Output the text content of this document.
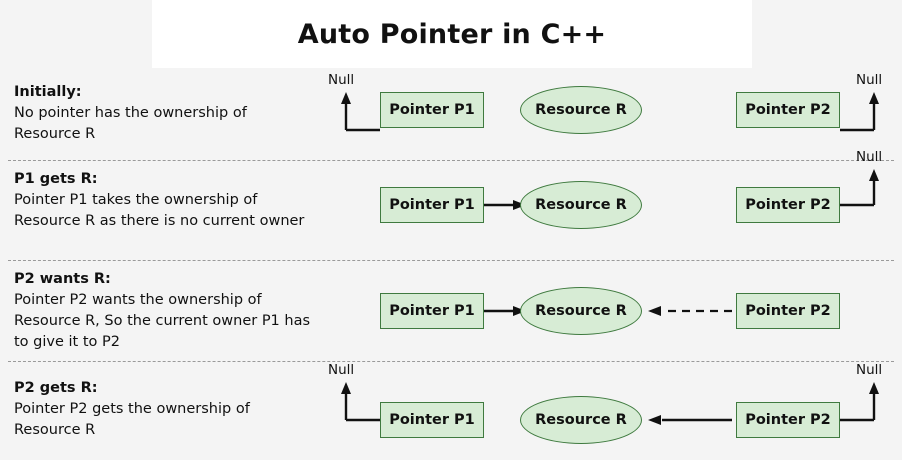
Auto Pointer in C++
Initially:
No pointer has the ownership of Resource R
Null	Null
Pointer P1	Resource R	Pointer P2
P1 gets R:
Pointer P1 takes the ownership of Resource R as there is no current owner
Null
Pointer P1	Resource R	Pointer P2
P2 wants R:
Pointer P2 wants the ownership of Resource R, So the current owner P1 has to give it to P2
Pointer P1	Resource R	Pointer P2
P2 gets R:
Pointer P2 gets the ownership of Resource R
Null	Null
Pointer P1	Resource R	Pointer P2
